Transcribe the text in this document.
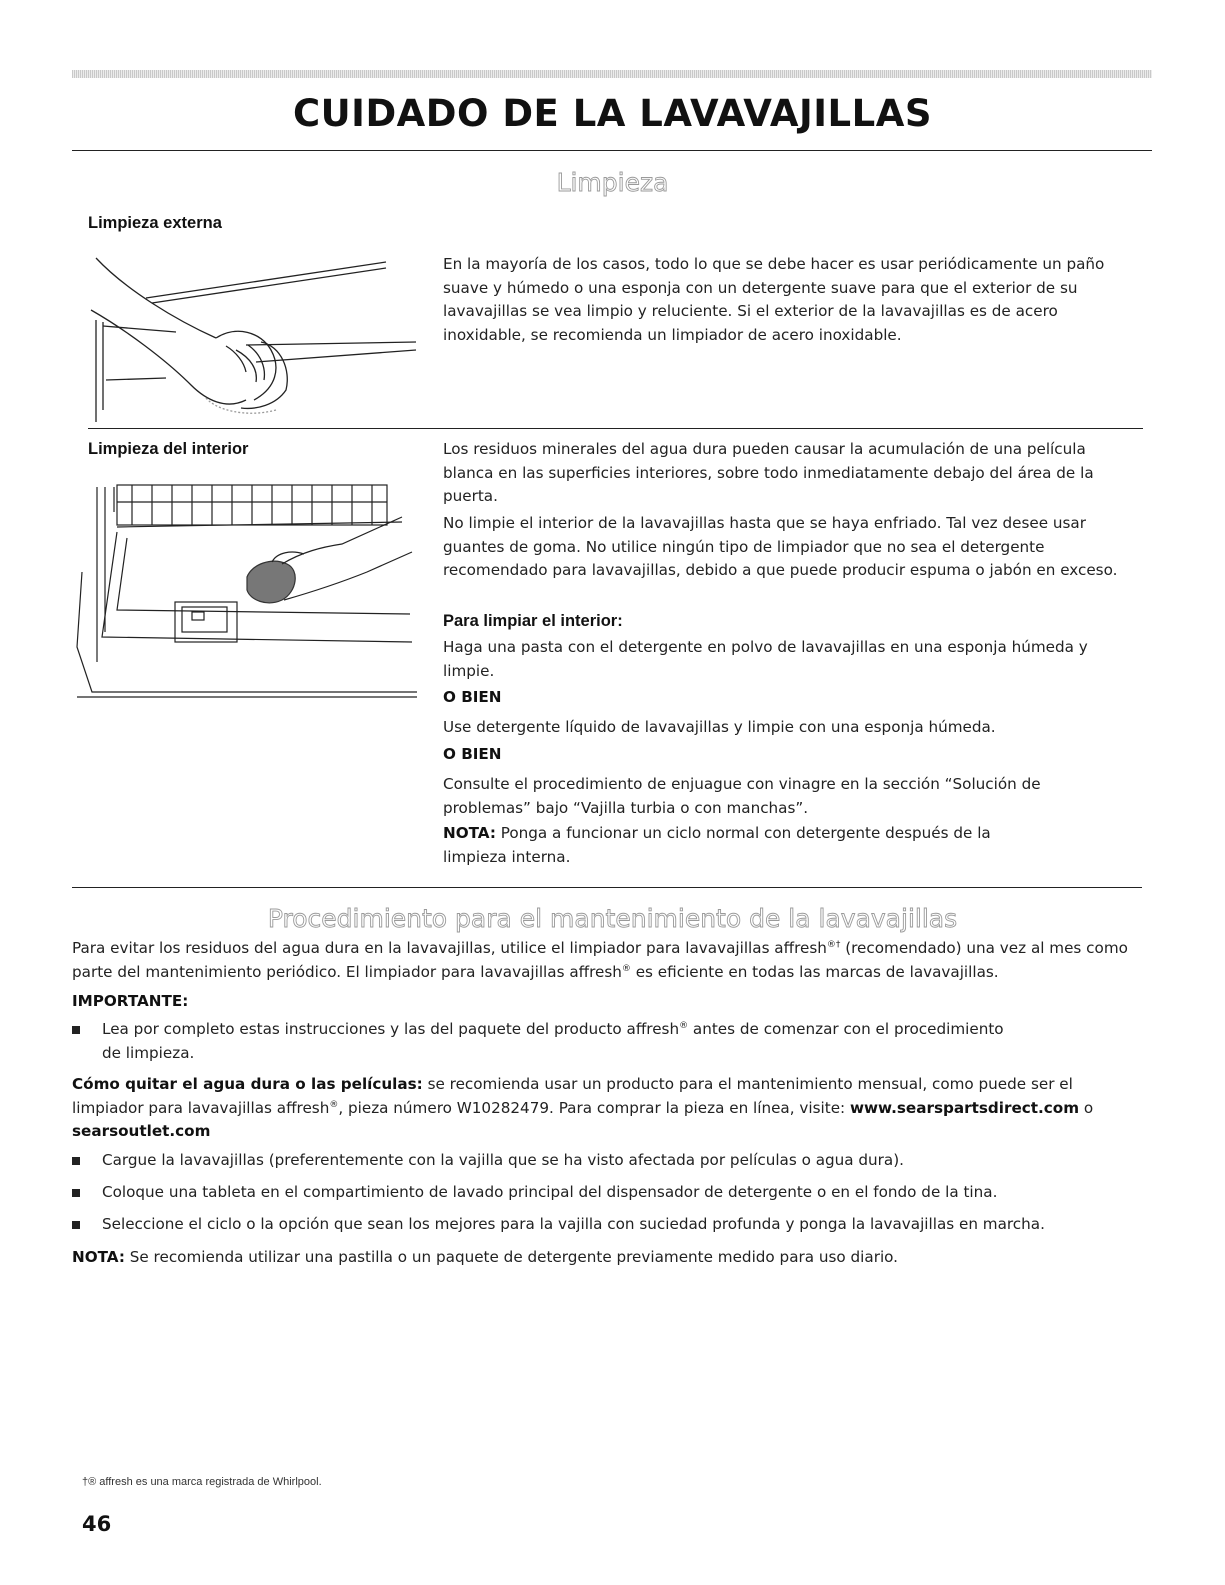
CUIDADO DE LA LAVAVAJILLAS
Limpieza
Limpieza externa

En la mayoría de los casos, todo lo que se debe hacer es usar periódicamente un paño suave y húmedo o una esponja con un detergente suave para que el exterior de su lavavajillas se vea limpio y reluciente. Si el exterior de la lavavajillas es de acero inoxidable, se recomienda un limpiador de acero inoxidable.

Limpieza del interior	Los residuos minerales del agua dura pueden causar la acumulación de una película blanca en las superficies interiores, sobre todo inmediatamente debajo del área de la puerta.

No limpie el interior de la lavavajillas hasta que se haya enfriado. Tal vez desee usar guantes de goma. No utilice ningún tipo de limpiador que no sea el detergente recomendado para lavavajillas, debido a que puede producir espuma o jabón en exceso.

Para limpiar el interior:

Haga una pasta con el detergente en polvo de lavavajillas en una esponja húmeda y limpie.

O BIEN

Use detergente líquido de lavavajillas y limpie con una esponja húmeda.

O BIEN

Consulte el procedimiento de enjuague con vinagre en la sección “Solución de problemas” bajo “Vajilla turbia o con manchas”.

NOTA: Ponga a funcionar un ciclo normal con detergente después de la limpieza interna.

Procedimiento para el mantenimiento de la lavavajillas

Para evitar los residuos del agua dura en la lavavajillas, utilice el limpiador para lavavajillas affresh®† (recomendado) una vez al mes como parte del mantenimiento periódico. El limpiador para lavavajillas affresh® es eficiente en todas las marcas de lavavajillas.

IMPORTANTE:
Lea por completo estas instrucciones y las del paquete del producto affresh® antes de comenzar con el procedimiento
de limpieza.

Cómo quitar el agua dura o las películas: se recomienda usar un producto para el mantenimiento mensual, como puede ser el limpiador para lavavajillas affresh®, pieza número W10282479. Para comprar la pieza en línea, visite: www.searspartsdirect.com o searsoutlet.com

Cargue la lavavajillas (preferentemente con la vajilla que se ha visto afectada por películas o agua dura).
Coloque una tableta en el compartimiento de lavado principal del dispensador de detergente o en el fondo de la tina.
Seleccione el ciclo o la opción que sean los mejores para la vajilla con suciedad profunda y ponga la lavavajillas en marcha.

NOTA: Se recomienda utilizar una pastilla o un paquete de detergente previamente medido para uso diario.

†® affresh es una marca registrada de Whirlpool.
46
